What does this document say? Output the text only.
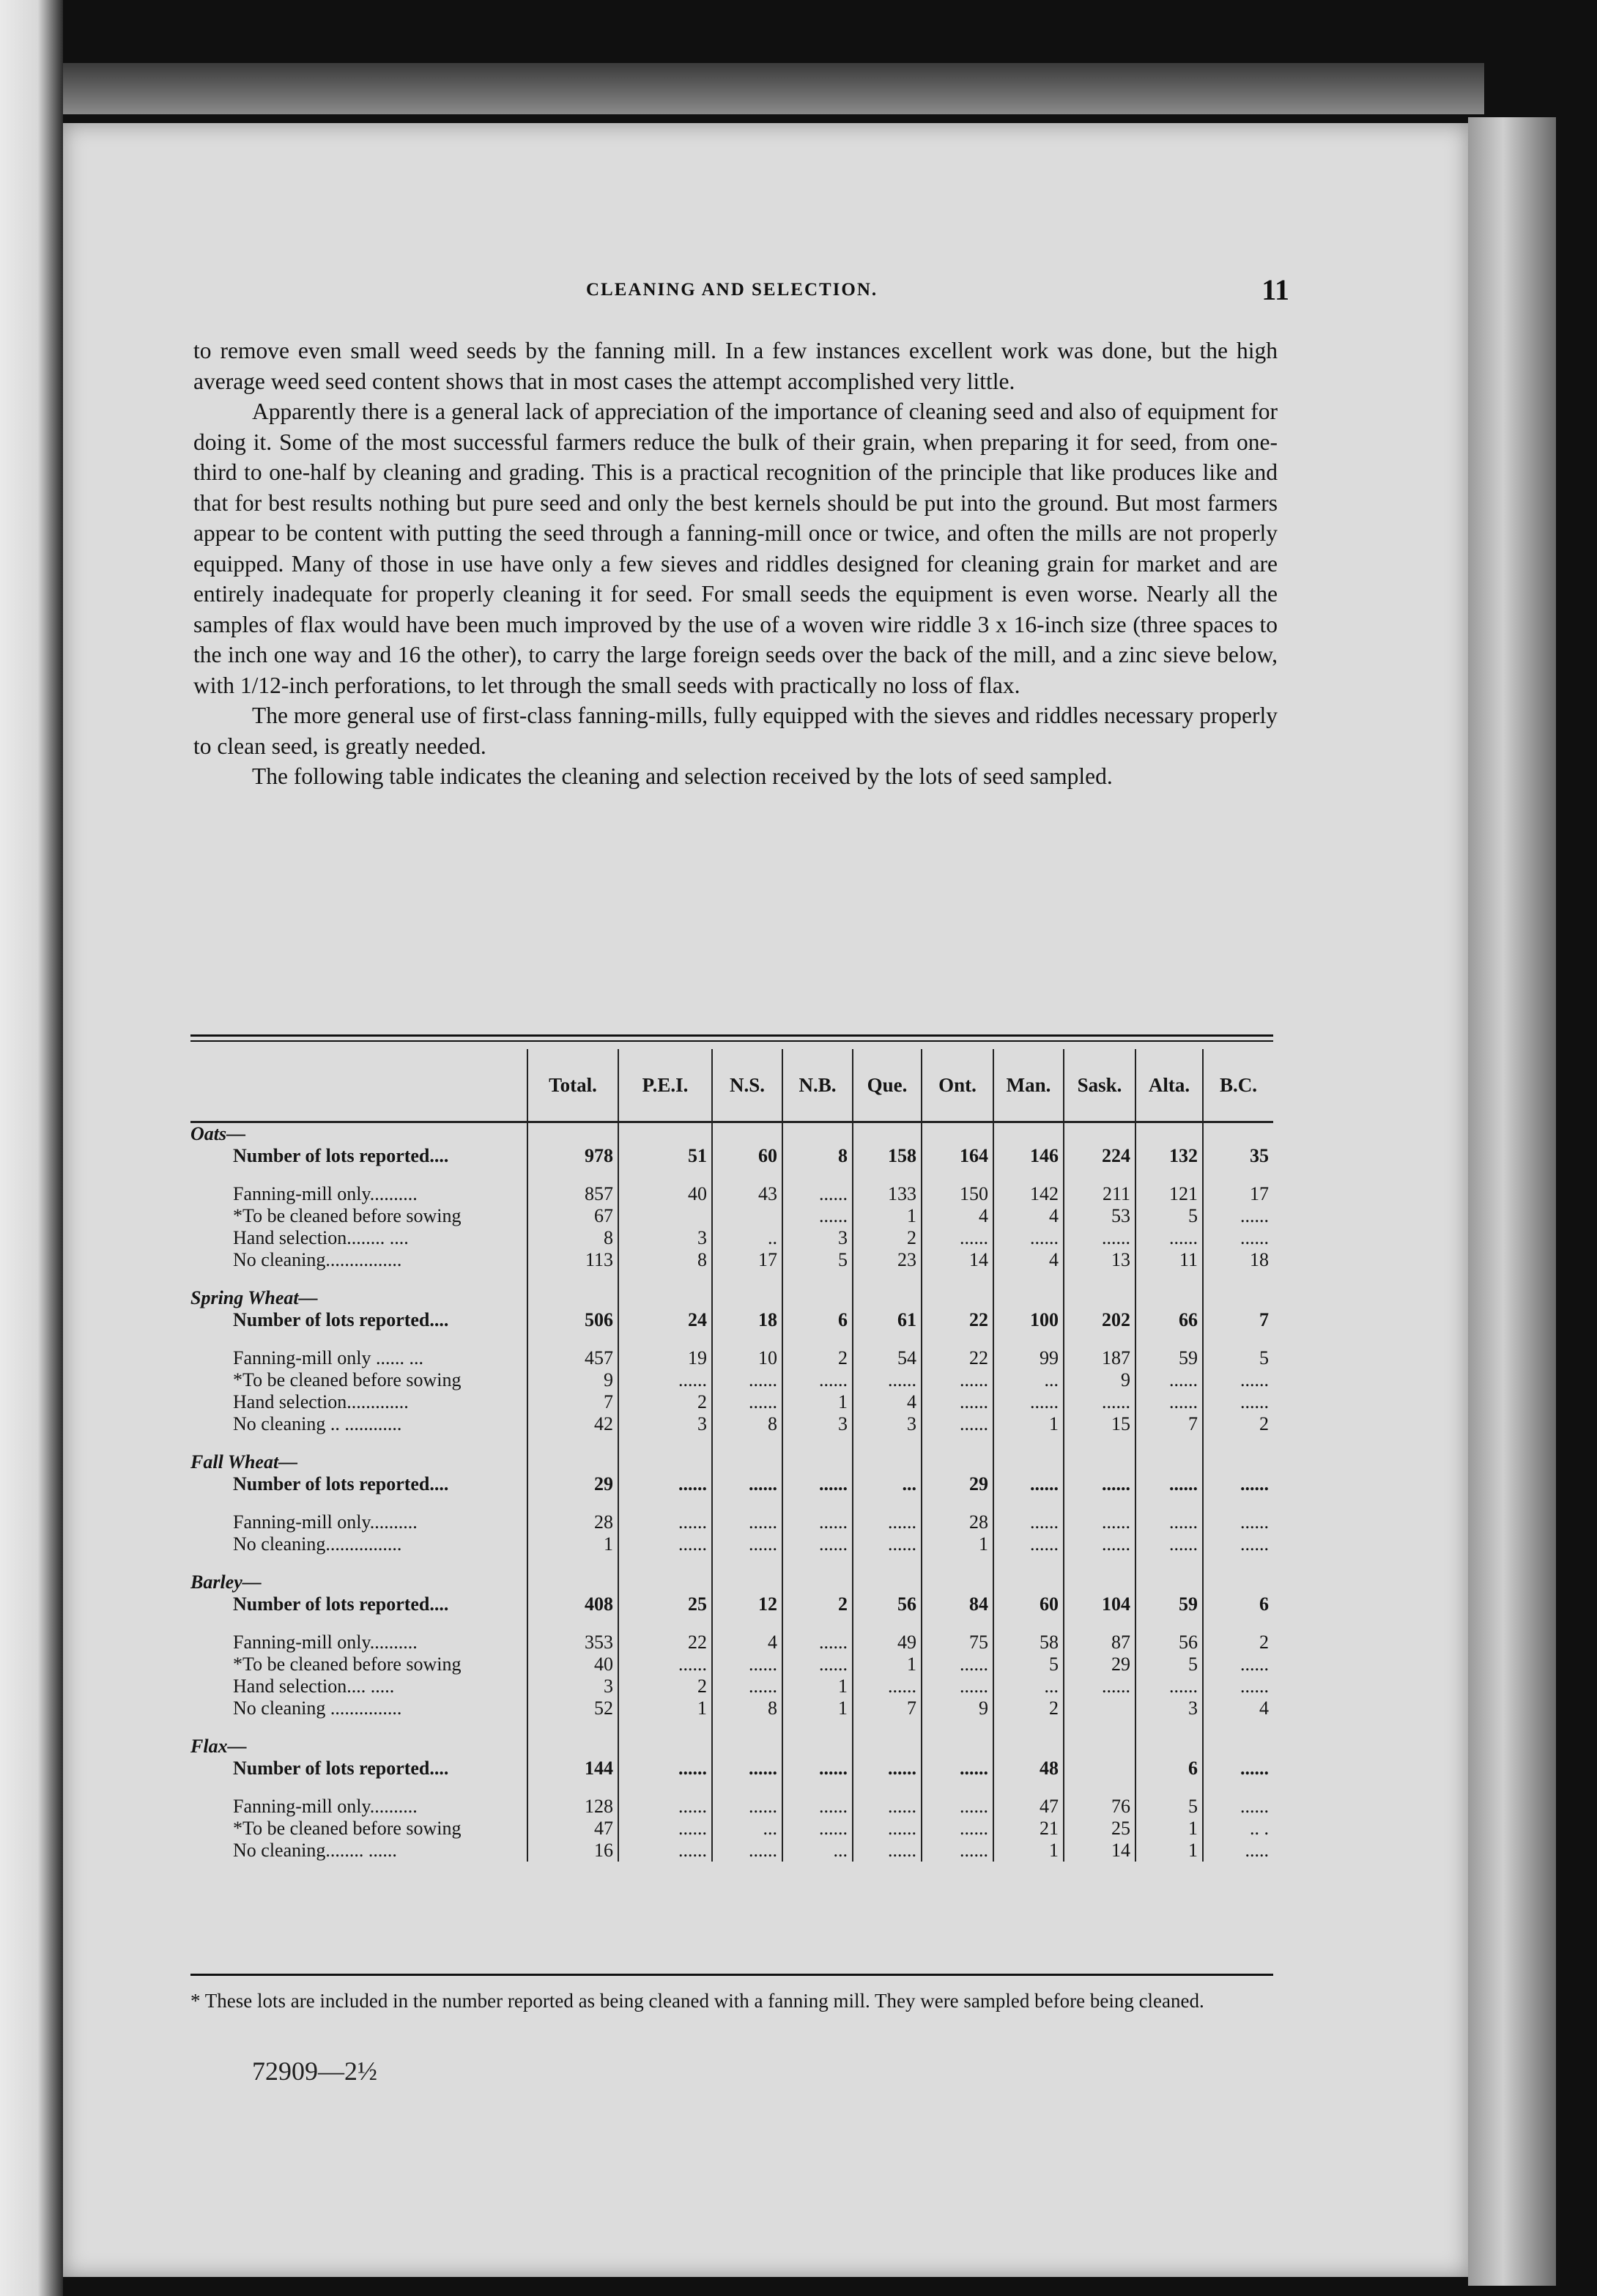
CLEANING AND SELECTION.	11

to remove even small weed seeds by the fanning mill. In a few instances excellent work was done, but the high average weed seed content shows that in most cases the attempt accomplished very little.

Apparently there is a general lack of appreciation of the importance of cleaning seed and also of equipment for doing it. Some of the most successful farmers reduce the bulk of their grain, when preparing it for seed, from one-third to one-half by cleaning and grading. This is a practical recognition of the principle that like produces like and that for best results nothing but pure seed and only the best kernels should be put into the ground. But most farmers appear to be content with putting the seed through a fanning-mill once or twice, and often the mills are not properly equipped. Many of those in use have only a few sieves and riddles designed for cleaning grain for market and are entirely inadequate for properly cleaning it for seed. For small seeds the equipment is even worse. Nearly all the samples of flax would have been much improved by the use of a woven wire riddle 3 x 16-inch size (three spaces to the inch one way and 16 the other), to carry the large foreign seeds over the back of the mill, and a zinc sieve below, with 1/12-inch perforations, to let through the small seeds with practically no loss of flax.

The more general use of first-class fanning-mills, fully equipped with the sieves and riddles necessary properly to clean seed, is greatly needed.

The following table indicates the cleaning and selection received by the lots of seed sampled.

	Total.	P.E.I.	N.S.	N.B.	Que.	Ont.	Man.	Sask.	Alta.	B.C.
Oats—										
Number of lots reported....	978	51	60	8	158	164	146	224	132	35

Fanning-mill only..........	857	40	43	......	133	150	142	211	121	17
*To be cleaned before sowing	67			......	1	4	4	53	5	......
Hand selection........ ....	8	3	..	3	2	......	......	......	......	......
No cleaning................	113	8	17	5	23	14	4	13	11	18

Spring Wheat—										
Number of lots reported....	506	24	18	6	61	22	100	202	66	7

Fanning-mill only ...... ...	457	19	10	2	54	22	99	187	59	5
*To be cleaned before sowing	9	......	......	......	......	......	...	9	......	......
Hand selection.............	7	2	......	1	4	......	......	......	......	......
No cleaning .. ............	42	3	8	3	3	......	1	15	7	2

Fall Wheat—										
Number of lots reported....	29	......	......	......	...	29	......	......	......	......

Fanning-mill only..........	28	......	......	......	......	28	......	......	......	......
No cleaning................	1	......	......	......	......	1	......	......	......	......

Barley—										
Number of lots reported....	408	25	12	2	56	84	60	104	59	6

Fanning-mill only..........	353	22	4	......	49	75	58	87	56	2
*To be cleaned before sowing	40	......	......	......	1	......	5	29	5	......
Hand selection.... .....	3	2	......	1	......	......	...	......	......	......
No cleaning ...............	52	1	8	1	7	9	2		3	4

Flax—										
Number of lots reported....	144	......	......	......	......	......	48		6	......

Fanning-mill only..........	128	......	......	......	......	......	47	76	5	......
*To be cleaned before sowing	47	......	...	......	......	......	21	25	1	.. .
No cleaning........ ......	16	......	......	...	......	......	1	14	1	.....
* These lots are included in the number reported as being cleaned with a fanning mill. They were sampled before being cleaned.
72909—2½
